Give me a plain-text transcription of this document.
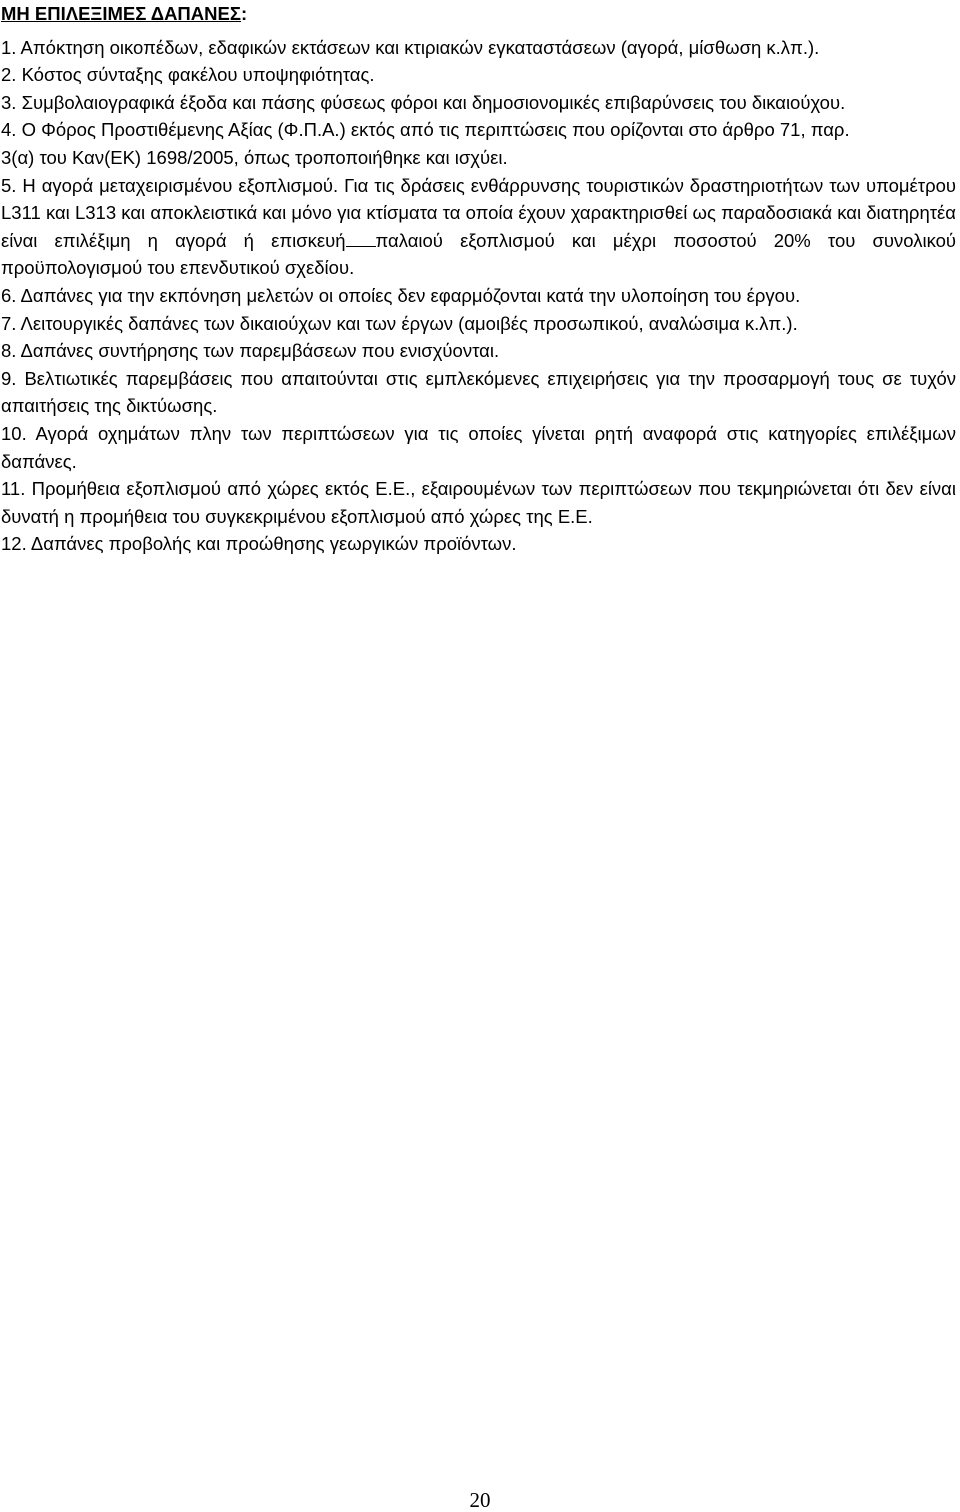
ΜΗ ΕΠΙΛΕΞΙΜΕΣ ΔΑΠΑΝΕΣ:
1. Απόκτηση οικοπέδων, εδαφικών εκτάσεων και κτιριακών εγκαταστάσεων (αγορά, μίσθωση κ.λπ.).
2. Κόστος σύνταξης φακέλου υποψηφιότητας.
3. Συμβολαιογραφικά έξοδα και πάσης φύσεως φόροι και δημοσιονομικές επιβαρύνσεις του δικαιούχου.
4. Ο Φόρος Προστιθέμενης Αξίας (Φ.Π.Α.) εκτός από τις περιπτώσεις που ορίζονται στο άρθρο 71, παρ.
3(α) του Καν(ΕΚ) 1698/2005, όπως τροποποιήθηκε και ισχύει.
5. Η αγορά μεταχειρισμένου εξοπλισμού. Για τις δράσεις ενθάρρυνσης τουριστικών δραστηριοτήτων των υπομέτρου L311 και L313 και αποκλειστικά και μόνο για κτίσματα τα οποία έχουν χαρακτηρισθεί ως παραδοσιακά και διατηρητέα είναι επιλέξιμη η αγορά ή επισκευή παλαιού εξοπλισμού και μέχρι ποσοστού 20% του συνολικού προϋπολογισμού του επενδυτικού σχεδίου.
6. Δαπάνες για την εκπόνηση μελετών οι οποίες δεν εφαρμόζονται κατά την υλοποίηση του έργου.
7. Λειτουργικές δαπάνες των δικαιούχων και των έργων (αμοιβές προσωπικού, αναλώσιμα κ.λπ.).
8. Δαπάνες συντήρησης των παρεμβάσεων που ενισχύονται.
9. Βελτιωτικές παρεμβάσεις που απαιτούνται στις εμπλεκόμενες επιχειρήσεις για την προσαρμογή τους σε τυχόν απαιτήσεις της δικτύωσης.
10. Αγορά οχημάτων πλην των περιπτώσεων για τις οποίες γίνεται ρητή αναφορά στις κατηγορίες επιλέξιμων δαπάνες.
11. Προμήθεια εξοπλισμού από χώρες εκτός Ε.Ε., εξαιρουμένων των περιπτώσεων που τεκμηριώνεται ότι δεν είναι δυνατή η προμήθεια του συγκεκριμένου εξοπλισμού από χώρες της Ε.Ε.
12. Δαπάνες προβολής και προώθησης γεωργικών προϊόντων.
20
